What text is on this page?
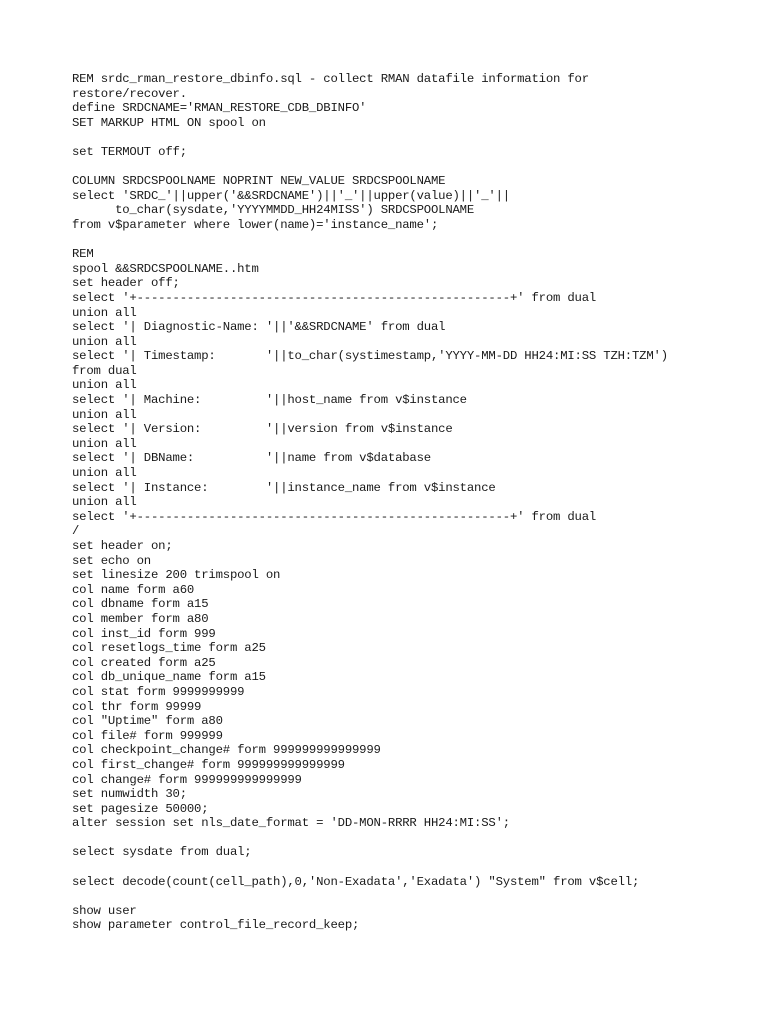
REM srdc_rman_restore_dbinfo.sql - collect RMAN datafile information for
restore/recover.
define SRDCNAME='RMAN_RESTORE_CDB_DBINFO'
SET MARKUP HTML ON spool on
set TERMOUT off;
COLUMN SRDCSPOOLNAME NOPRINT NEW_VALUE SRDCSPOOLNAME
select 'SRDC_'||upper('&&SRDCNAME')||'_'||upper(value)||'_'||
to_char(sysdate,'YYYYMMDD_HH24MISS') SRDCSPOOLNAME
from v$parameter where lower(name)='instance_name';
REM
spool &&SRDCSPOOLNAME..htm
set header off;
select '+----------------------------------------------------+' from dual
union all
select '| Diagnostic-Name: '||'&&SRDCNAME' from dual
union all
select '| Timestamp:       '||to_char(systimestamp,'YYYY-MM-DD HH24:MI:SS TZH:TZM')
from dual
union all
select '| Machine:         '||host_name from v$instance
union all
select '| Version:         '||version from v$instance
union all
select '| DBName:          '||name from v$database
union all
select '| Instance:        '||instance_name from v$instance
union all
select '+----------------------------------------------------+' from dual
/
set header on;
set echo on
set linesize 200 trimspool on
col name form a60
col dbname form a15
col member form a80
col inst_id form 999
col resetlogs_time form a25
col created form a25
col db_unique_name form a15
col stat form 9999999999
col thr form 99999
col "Uptime" form a80
col file# form 999999
col checkpoint_change# form 999999999999999
col first_change# form 999999999999999
col change# form 999999999999999
set numwidth 30;
set pagesize 50000;
alter session set nls_date_format = 'DD-MON-RRRR HH24:MI:SS';
select sysdate from dual;
select decode(count(cell_path),0,'Non-Exadata','Exadata') "System" from v$cell;
show user
show parameter control_file_record_keep;
